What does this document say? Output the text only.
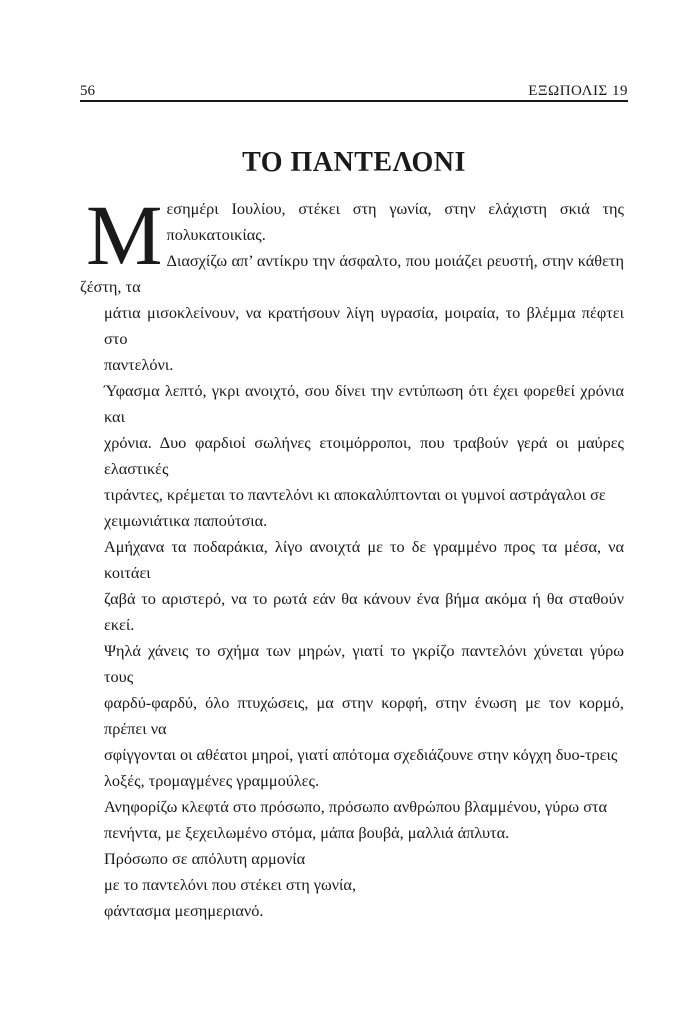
56	ΕΞΩΠΟΛΙΣ 19
ΤΟ ΠΑΝΤΕΛΟΝΙ
Μ εσημέρι Ιουλίου, στέκει στη γωνία, στην ελάχιστη σκιά της πολυκατοικίας.
Διασχίζω απ’ αντίκρυ την άσφαλτο, που μοιάζει ρευστή, στην κάθετη ζέστη, τα
μάτια μισοκλείνουν, να κρατήσουν λίγη υγρασία, μοιραία, το βλέμμα πέφτει στο
παντελόνι.
Ύφασμα λεπτό, γκρι ανοιχτό, σου δίνει την εντύπωση ότι έχει φορεθεί χρόνια και
χρόνια. Δυο φαρδιοί σωλήνες ετοιμόρροποι, που τραβούν γερά οι μαύρες ελαστικές
τιράντες, κρέμεται το παντελόνι κι αποκαλύπτονται οι γυμνοί αστράγαλοι σε
χειμωνιάτικα παπούτσια.
Αμήχανα τα ποδαράκια, λίγο ανοιχτά με το δε γραμμένο προς τα μέσα, να κοιτάει
ζαβά το αριστερό, να το ρωτά εάν θα κάνουν ένα βήμα ακόμα ή θα σταθούν εκεί.
Ψηλά χάνεις το σχήμα των μηρών, γιατί το γκρίζο παντελόνι χύνεται γύρω τους
φαρδύ-φαρδύ, όλο πτυχώσεις, μα στην κορφή, στην ένωση με τον κορμό, πρέπει να
σφίγγονται οι αθέατοι μηροί, γιατί απότομα σχεδιάζουνε στην κόγχη δυο-τρεις
λοξές, τρομαγμένες γραμμούλες.
Ανηφορίζω κλεφτά στο πρόσωπο, πρόσωπο ανθρώπου βλαμμένου, γύρω στα
πενήντα, με ξεχειλωμένο στόμα, μάπα βουβά, μαλλιά άπλυτα.
Πρόσωπο σε απόλυτη αρμονία
με το παντελόνι που στέκει στη γωνία,
φάντασμα μεσημεριανό.
